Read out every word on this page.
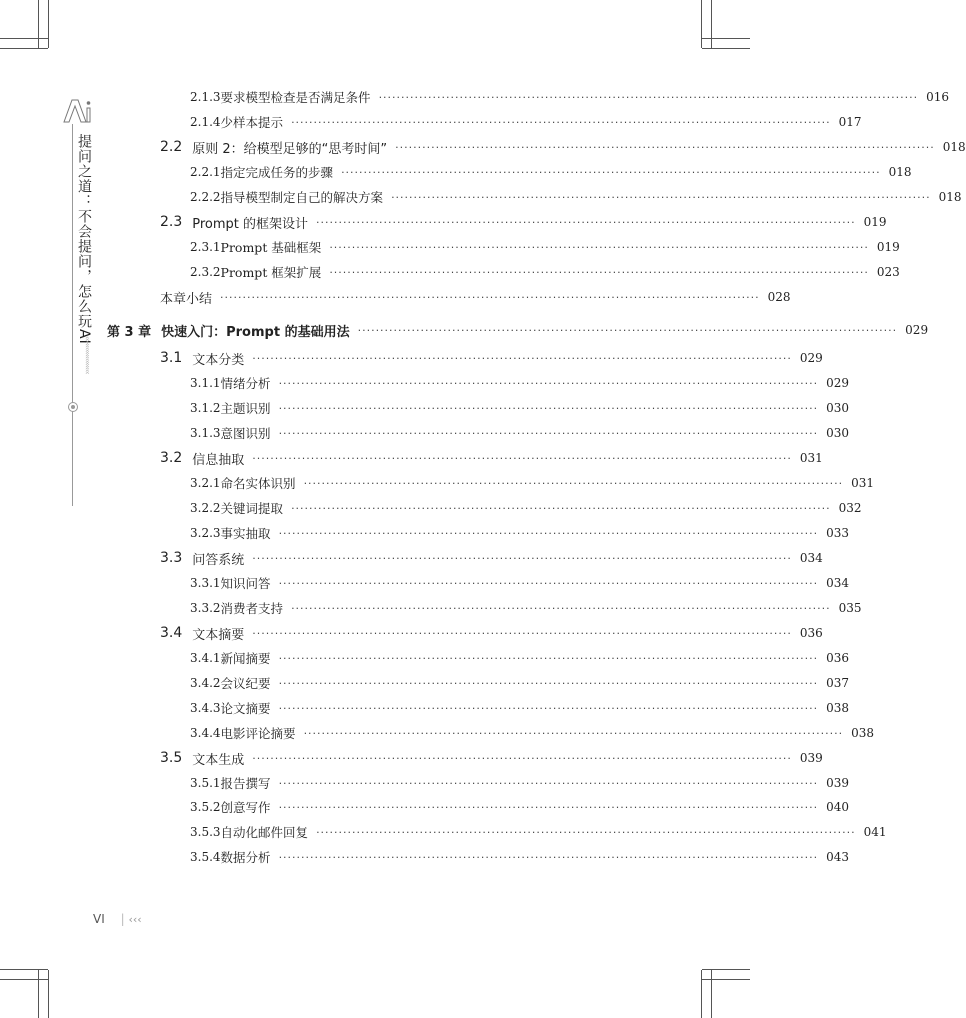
提问之道：不会提问，怎么玩AI
‹‹‹‹‹‹‹‹‹‹‹‹‹‹‹‹‹
2.1.3 要求模型检查是否满足条件 ························································································································ 016
2.1.4 少样本提示 ························································································································ 017
2.2 原则 2：给模型足够的“思考时间” ························································································································ 018
2.2.1 指定完成任务的步骤 ························································································································ 018
2.2.2 指导模型制定自己的解决方案 ························································································································ 018
2.3 Prompt 的框架设计 ························································································································ 019
2.3.1 Prompt 基础框架 ························································································································ 019
2.3.2 Prompt 框架扩展 ························································································································ 023
本章小结 ························································································································ 028
第 3 章 快速入门：Prompt 的基础用法 ························································································································ 029
3.1 文本分类 ························································································································ 029
3.1.1 情绪分析 ························································································································ 029
3.1.2 主题识别 ························································································································ 030
3.1.3 意图识别 ························································································································ 030
3.2 信息抽取 ························································································································ 031
3.2.1 命名实体识别 ························································································································ 031
3.2.2 关键词提取 ························································································································ 032
3.2.3 事实抽取 ························································································································ 033
3.3 问答系统 ························································································································ 034
3.3.1 知识问答 ························································································································ 034
3.3.2 消费者支持 ························································································································ 035
3.4 文本摘要 ························································································································ 036
3.4.1 新闻摘要 ························································································································ 036
3.4.2 会议纪要 ························································································································ 037
3.4.3 论文摘要 ························································································································ 038
3.4.4 电影评论摘要 ························································································································ 038
3.5 文本生成 ························································································································ 039
3.5.1 报告撰写 ························································································································ 039
3.5.2 创意写作 ························································································································ 040
3.5.3 自动化邮件回复 ························································································································ 041
3.5.4 数据分析 ························································································································ 043
VI | ‹‹‹
